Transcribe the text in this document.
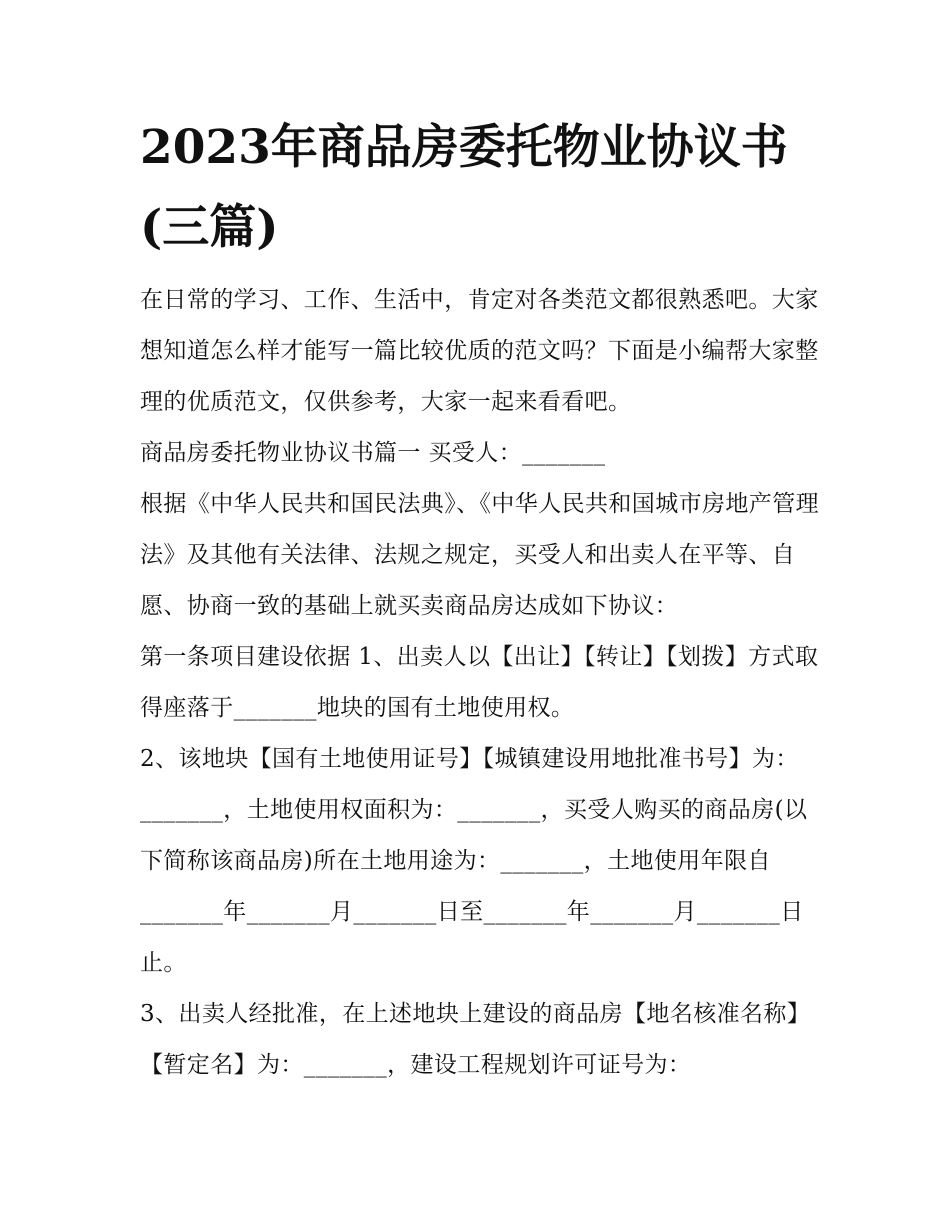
2023年商品房委托物业协议书
(三篇)

在日常的学习、工作、生活中，肯定对各类范文都很熟悉吧。大家想知道怎么样才能写一篇比较优质的范文吗？下面是小编帮大家整理的优质范文，仅供参考，大家一起来看看吧。

商品房委托物业协议书篇一 买受人：_______

根据《中华人民共和国民法典》、《中华人民共和国城市房地产管理法》及其他有关法律、法规之规定，买受人和出卖人在平等、自愿、协商一致的基础上就买卖商品房达成如下协议：

第一条项目建设依据 1、出卖人以【出让】【转让】【划拨】方式取得座落于_______地块的国有土地使用权。

2、该地块【国有土地使用证号】【城镇建设用地批准书号】为：_______，土地使用权面积为：_______，买受人购买的商品房(以下简称该商品房)所在土地用途为：_______，土地使用年限自_______年_______月_______日至_______年_______月_______日止。

3、出卖人经批准，在上述地块上建设的商品房【地名核准名称】【暂定名】为：_______，建设工程规划许可证号为：
